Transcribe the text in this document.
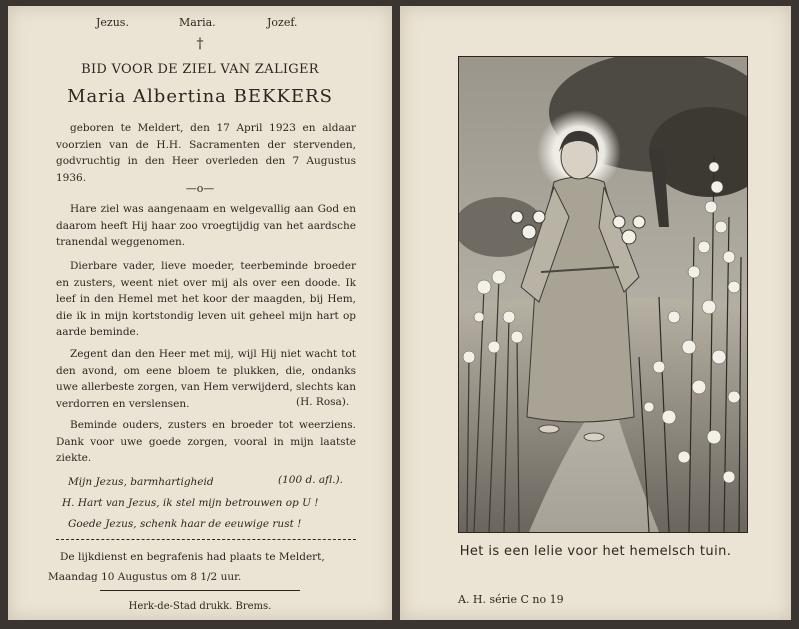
Jezus.	Maria.	Jozef.
†
BID VOOR DE ZIEL VAN ZALIGER
Maria Albertina BEKKERS
geboren te Meldert, den 17 April 1923 en aldaar voorzien van de H.H. Sacramenten der stervenden, godvruchtig in den Heer overleden den 7 Augustus 1936.
—o—
Hare ziel was aangenaam en welgevallig aan God en daarom heeft Hij haar zoo vroegtijdig van het aardsche tranendal weggenomen.
Dierbare vader, lieve moeder, teerbeminde broeder en zusters, weent niet over mij als over een doode. Ik leef in den Hemel met het koor der maagden, bij Hem, die ik in mijn kortstondig leven uit geheel mijn hart op aarde beminde.
Zegent dan den Heer met mij, wijl Hij niet wacht tot den avond, om eene bloem te plukken, die, ondanks uwe allerbeste zorgen, van Hem verwijderd, slechts kan verdorren en verslensen.	(H. Rosa).
Beminde ouders, zusters en broeder tot weerziens. Dank voor uwe goede zorgen, vooral in mijn laatste ziekte.
Mijn Jezus, barmhartigheid	(100 d. afl.).
H. Hart van Jezus, ik stel mijn betrouwen op U !
Goede Jezus, schenk haar de eeuwige rust !
De lijkdienst en begrafenis had plaats te Meldert,
Maandag 10 Augustus om 8 1/2 uur.
Herk-de-Stad drukk. Brems.
Het is een lelie voor het hemelsch tuin.
A. H. série C no 19
